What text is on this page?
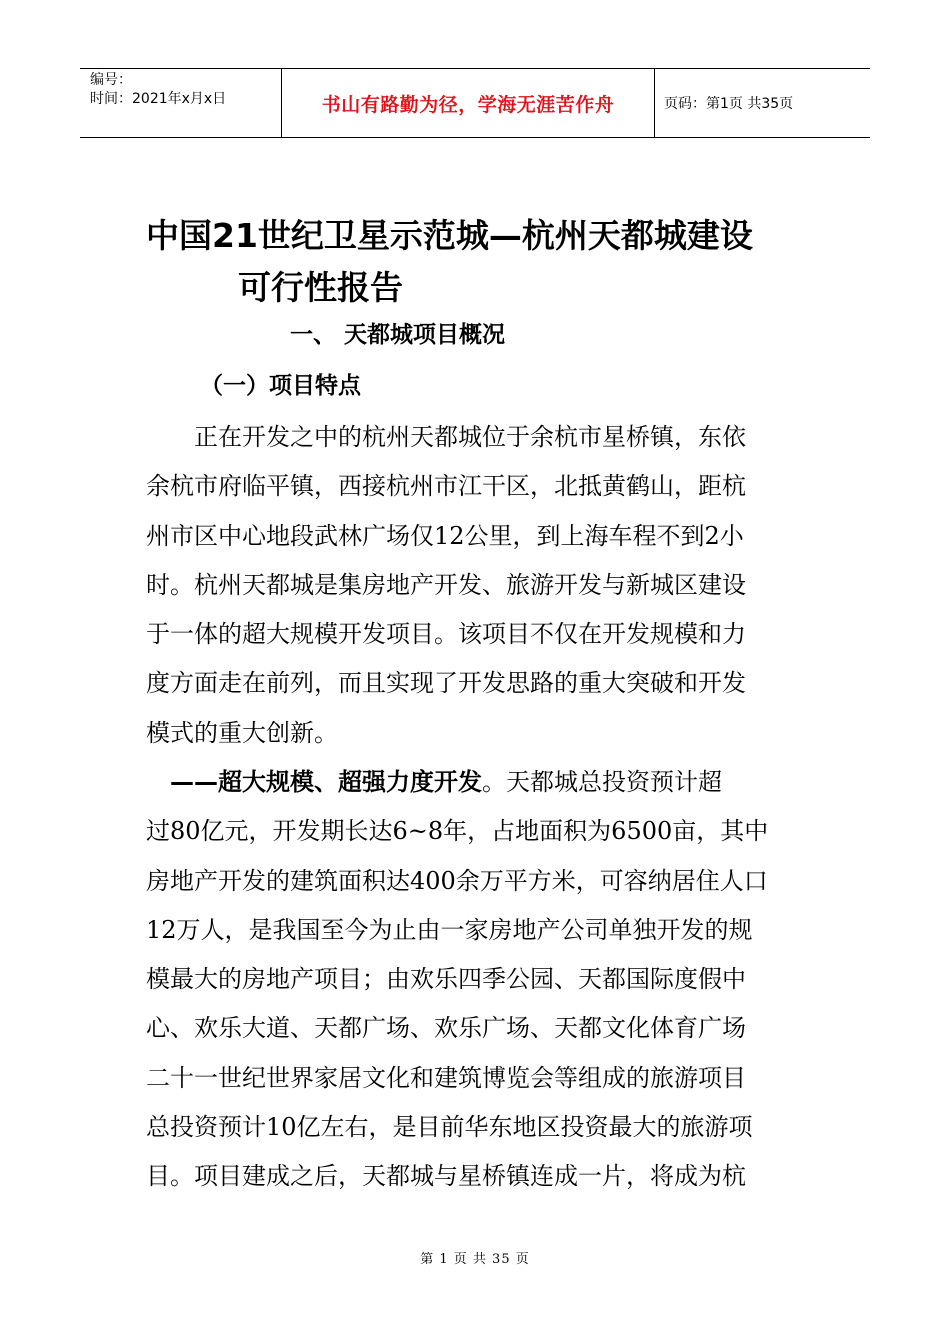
编号：
时间：2021年x月x日	书山有路勤为径，学海无涯苦作舟	页码：第1页 共35页
中国21世纪卫星示范城—杭州天都城建设
可行性报告
一、 天都城项目概况
（一）项目特点
　　正在开发之中的杭州天都城位于余杭市星桥镇，东依
余杭市府临平镇，西接杭州市江干区，北抵黄鹤山，距杭
州市区中心地段武林广场仅12公里，到上海车程不到2小
时。杭州天都城是集房地产开发、旅游开发与新城区建设
于一体的超大规模开发项目。该项目不仅在开发规模和力
度方面走在前列，而且实现了开发思路的重大突破和开发
模式的重大创新。
　——超大规模、超强力度开发。天都城总投资预计超
过80亿元，开发期长达6~8年，占地面积为6500亩，其中
房地产开发的建筑面积达400余万平方米，可容纳居住人口
12万人，是我国至今为止由一家房地产公司单独开发的规
模最大的房地产项目；由欢乐四季公园、天都国际度假中
心、欢乐大道、天都广场、欢乐广场、天都文化体育广场
二十一世纪世界家居文化和建筑博览会等组成的旅游项目
总投资预计10亿左右，是目前华东地区投资最大的旅游项
目。项目建成之后，天都城与星桥镇连成一片，将成为杭
第 1 页 共 35 页
